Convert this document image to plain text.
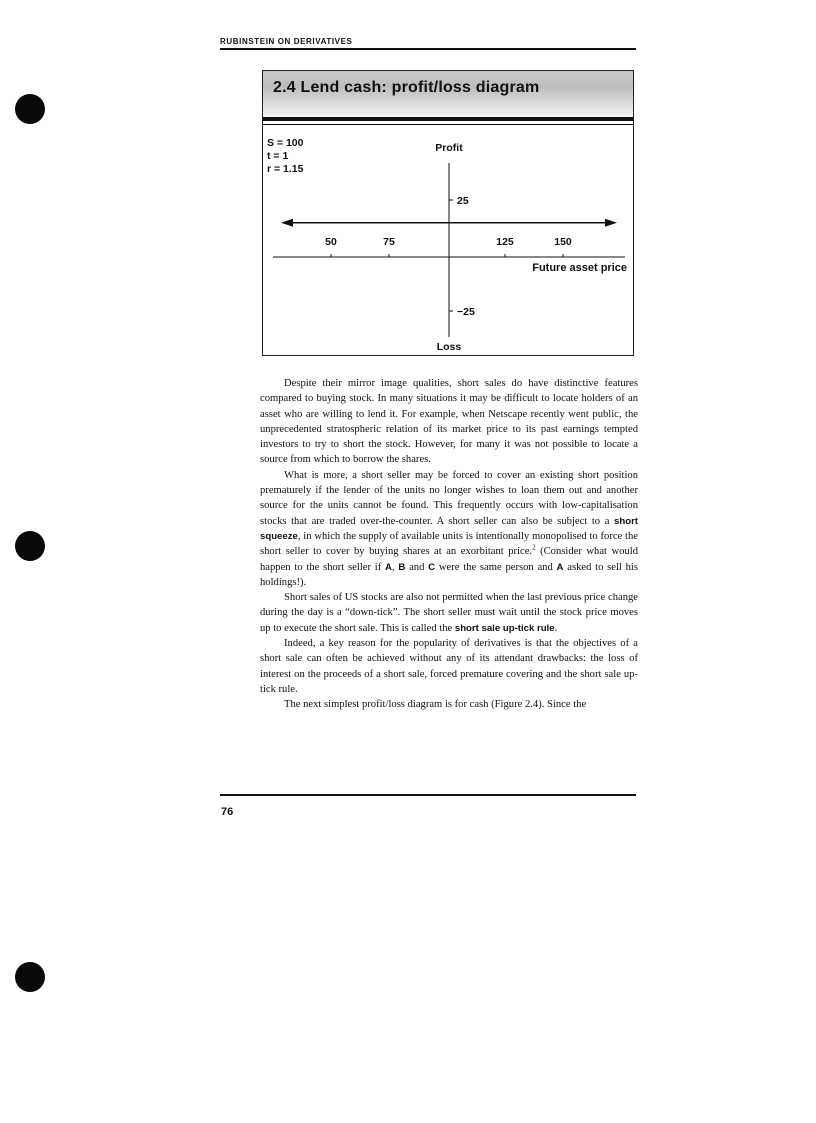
RUBINSTEIN ON DERIVATIVES
2.4 Lend cash: profit/loss diagram
S = 100
t = 1
r = 1.15
Profit
Loss
25
−25
50	75	125	150
Future asset price

Despite their mirror image qualities, short sales do have distinctive features compared to buying stock. In many situations it may be difficult to locate holders of an asset who are willing to lend it. For example, when Netscape recently went public, the unprecedented stratospheric relation of its market price to its past earnings tempted investors to try to short the stock. However, for many it was not possible to locate a source from which to borrow the shares.

What is more, a short seller may be forced to cover an existing short position prematurely if the lender of the units no longer wishes to loan them out and another source for the units cannot be found. This frequently occurs with low-capitalisation stocks that are traded over-the-counter. A short seller can also be subject to a short squeeze, in which the supply of available units is intentionally monopolised to force the short seller to cover by buying shares at an exorbitant price.$^2$ (Consider what would happen to the short seller if A, B and C were the same person and A asked to sell his holdings!).

Short sales of US stocks are also not permitted when the last previous price change during the day is a “down-tick”. The short seller must wait until the stock price moves up to execute the short sale. This is called the short sale up-tick rule.

Indeed, a key reason for the popularity of derivatives is that the objectives of a short sale can often be achieved without any of its attendant drawbacks: the loss of interest on the proceeds of a short sale, forced premature covering and the short sale up-tick rule.

The next simplest profit/loss diagram is for cash (Figure 2.4). Since the

76
